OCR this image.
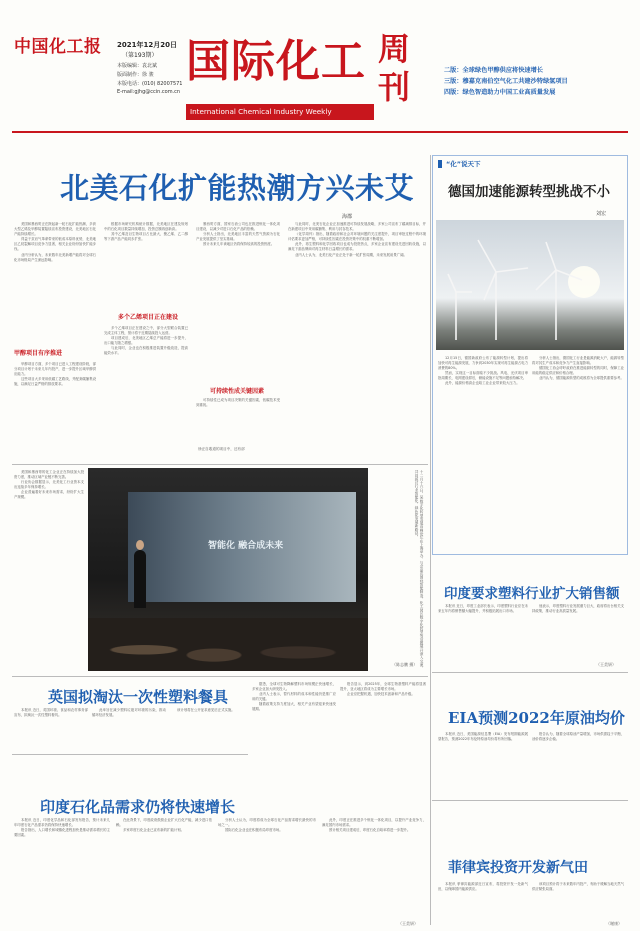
中国化工报 2021年12月20日
（第193期）
本版编辑：袁北斌
版面制作：徐 骏
本版电话：(010) 82007571
E-mail:gjhg@ccin.com.cn
国际化工 周
刊
International Chemical Industry Weekly
二版：全球绿色甲醇供应将快速增长
三版：穆嘉克南伯空气化工共建沙特绿氢项目
四版：绿色智造助力中国工业高质量发展
北美石化扩能热潮方兴未艾
海郡

美国和墨西哥正在掀起新一轮石化扩能热潮，多套大型乙烯及甲醇装置陆续宣布投资建设，北美地区石化产能持续增长。

得益于页岩气革命带来的低成本原料优势，北美地区乙烷裂解项目竞争力显著，相关企业纷纷加快扩能步伐。

业内分析认为，未来数年北美新增产能将对全球石化市场格局产生深远影响。

甲醇项目有序推进

甲醇项目方面，多个项目已进入工程建设阶段，部分项目计划于未来几年内投产，进一步提升区域甲醇供应能力。

这些项目大多采用低碳工艺路线，并配套碳捕集设施，以满足日益严格的排放要求。

根据市场研究机构统计数据，北美地区在建及规划中的石化项目数量持续增加，投资总额再创新高。

其中乙烯及衍生物项目占比最大，聚乙烯、乙二醇等下游产品产能同步扩张。

多个乙烯项目正在建设

多个乙烯项目正在建设之中，部分大型联合装置已完成主体工程，预计将于近期陆续投入运营。

项目建成后，北美地区乙烯总产能将进一步提升，出口能力随之增强。

与此同时，企业也在积极推进装置升级改造，提高能效水平。

墨西哥方面，国家石油公司也在推进炼化一体化项目建设，以减少对进口石化产品的依赖。

分析人士指出，北美地区丰富的天然气资源为石化产业发展提供了坚实基础。

预计未来几年该地区仍将保持较高的投资热度。

可持续性成关键因素

可持续性已成为项目决策的关键因素，低碳技术受到重视。

徐正自敢道的项目中，还有部

与此同时，北美石化企业正加速推进可持续发展战略，多家公司宣布了碳减排目标，并在新建项目中采用碳捕集、利用与封存技术。

《化学周刊》指出，随着政府和社会对环境问题的关注度提升，项目审批过程中的环境评估要求更加严格，可持续性因素在投资决策中的权重不断增加。

此外，再生塑料和化学回收项目也成为投资热点，多家企业宣布建设先进回收设施，以满足下游品牌商对再生材料日益增长的需求。

业内人士认为，北美石化产业正处于新一轮扩张周期，未来发展前景广阔。

智能化 融合成未来	十二月十六日，某数字化转型发展高峰论坛在上海举办，与会嘉宾围绕智能制造、化工园区数字化转型等话题展开深入交流，共同探讨行业智能化、绿色化发展新路径。
（陈志鹏 摄）

美国和墨西哥的化工企业正在持续加大投资力度，推动区域产业链不断完善。

行业协会数据显示，北美化工行业资本支出连续多年保持增长。

企业普遍看好未来市场需求，纷纷扩大生产规模。

“化”说天下
德国加速能源转型挑战不小
刘宏

12月15日，德国新政府公布了能源转型计划，提出将加快可再生能源发展，力争到2030年实现可再生能源占电力消费的80%。

然而，实现这一目标面临不少挑战。风电、光伏项目审批周期长，电网建设滞后，储能设施不足等问题亟待解决。

此外，能源价格高企也给工业企业带来较大压力。

分析人士指出，德国化工行业是能源消耗大户，能源转型将对其生产成本和竞争力产生直接影响。

德国化工协会呼吁政府在推进能源转型的同时，保障工业用能的稳定供应和价格合理。

业内认为，德国能源转型的成败将为全球提供重要参考。

印度要求塑料行业扩大销售额

本报讯 近日，印度工业部长表示，印度塑料行业应在未来五年内将销售额大幅提升，并积极拓展出口市场。

他表示，印度塑料行业发展潜力巨大，政府将出台相关支持政策，推动行业高质量发展。

（王美妍）
EIA预测2022年原油均价

本报讯 近日，美国能源信息署（EIA）发布短期能源展望报告，预测2022年布伦特原油均价将有所回落。

报告认为，随着全球原油产量增加，市场供需趋于平衡，油价将逐步企稳。

菲律宾投资开发新气田

本报讯 菲律宾能源部近日宣布，将投资开发一处新气田，以保障国内能源供应。

该项目预计将于未来数年内投产，有助于缓解当地天然气供应紧张局面。

（谢康）
英国拟淘汰一次性塑料餐具

本报讯 近日，英国环境、食品和农村事务部宣布，拟淘汰一次性塑料餐具。

此举旨在减少塑料垃圾对环境的污染，推动循环经济发展。

该计划将在公开征求意见后正式实施。

据悉，全球可生物降解塑料市场规模正快速增长，多家企业加大研发投入。

业内人士表示，替代材料的成本和性能仍是推广应用的关键。

随着政策支持力度加大，相关产业有望迎来快速发展期。

报告显示，到2025年，全球生物基塑料产能将显著提升，亚太地区将成为主要增长市场。

企业应把握机遇，加快技术创新和产品升级。

印度石化品需求仍将快速增长

本报讯 近日，印度化学品和石化部发布报告，预计未来几年印度石化产品需求仍将保持快速增长。

报告指出，人口增长和城镇化进程加快是推动需求增长的主要因素。

在此背景下，印度政府鼓励企业扩大石化产能，减少进口依赖。

多家印度石化企业已宣布新的扩能计划。

分析人士认为，印度将成为全球石化产品需求增长最快的市场之一。

国际石化企业也在积极布局印度市场。

此外，印度正在推进多个炼化一体化项目，以提升产业竞争力，满足国内市场需求。

预计相关项目建成后，印度石化自给率将进一步提升。

（王美妍）
